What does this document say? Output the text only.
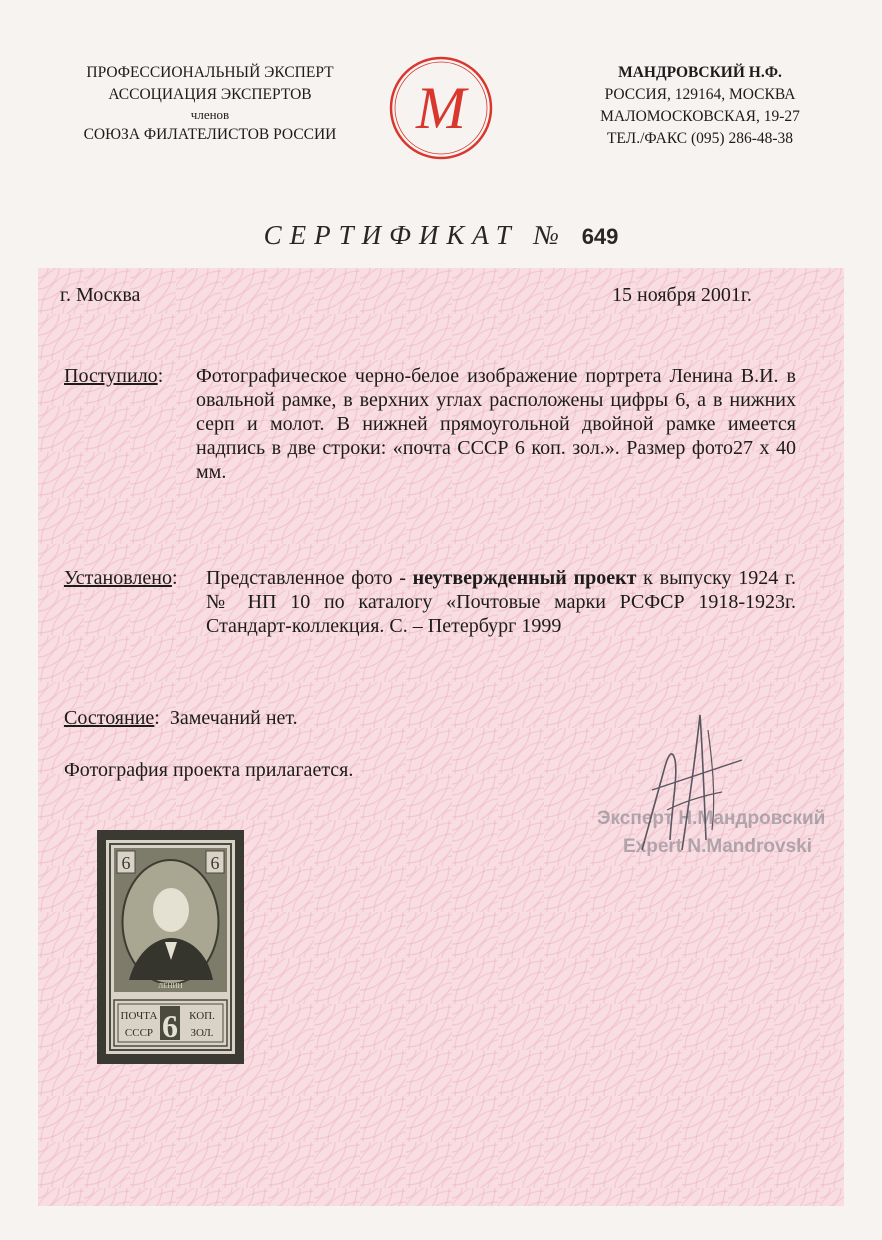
ПРОФЕССИОНАЛЬНЫЙ ЭКСПЕРТ
АССОЦИАЦИЯ ЭКСПЕРТОВ
членов
СОЮЗА ФИЛАТЕЛИСТОВ РОССИИ	М
МАНДРОВСКИЙ Н.Ф.
РОССИЯ, 129164, МОСКВА
МАЛОМОСКОВСКАЯ, 19-27
ТЕЛ./ФАКС (095) 286-48-38
СЕРТИФИКАТ № 649
г. Москва	15 ноября 2001г.
Поступило: Фотографическое черно-белое изображение портрета Ленина В.И. в овальной рамке, в верхних углах расположены цифры 6, а в нижних серп и молот. В нижней прямоугольной двойной рамке имеется надпись в две строки: «почта СССР 6 коп. зол.». Размер фото27 х 40 мм.
Установлено: Представленное фото - неутвержденный проект к выпуску 1924 г. № НП 10 по каталогу «Почтовые марки РСФСР 1918-1923г. Стандарт-коллекция. С. – Петербург 1999
Состояние:  Замечаний нет.
Фотография проекта прилагается.
Эксперт Н.Мандровский
Expert N.Mandrovski
6	6
ЛЕНИН
ПОЧТА
СССР 6 КОП.
ЗОЛ.
